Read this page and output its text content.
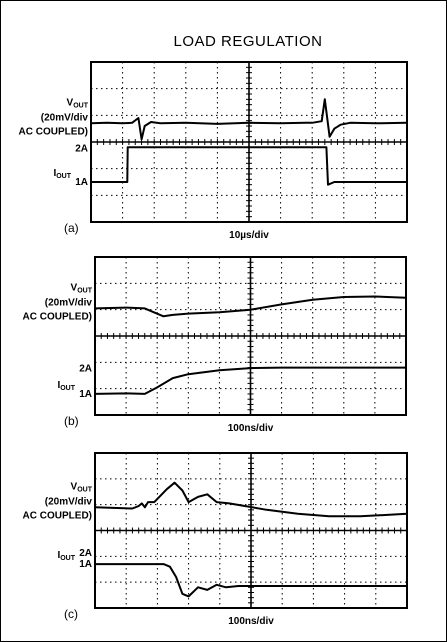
LOAD REGULATION
$V_{OUT}$
(20mV/div
AC COUPLED)
2A
$I_{OUT}$
1A
(a)
10µs/div
$V_{OUT}$
(20mV/div
AC COUPLED)
2A
$I_{OUT}$
1A
(b)
100ns/div
$V_{OUT}$
(20mV/div
AC COUPLED)
2A
$I_{OUT}$
1A
(c)
100ns/div
